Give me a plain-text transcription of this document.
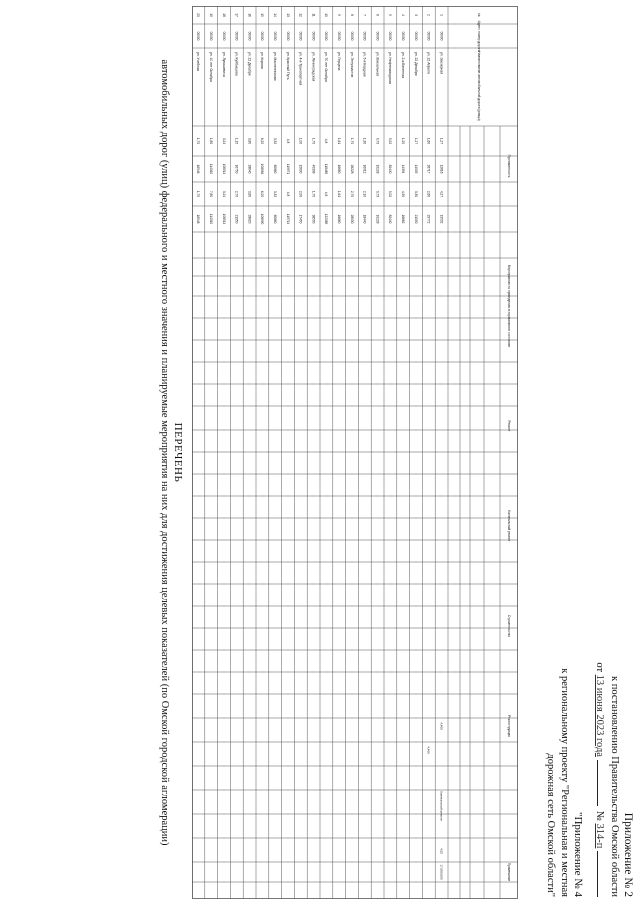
Приложение № 2
к постановлению Правительства Омской области
от 13 июня 2023 года   № 314-п
"Приложение № 4
к региональному проекту "Региональная и местная
дорожная сеть Омской области"
ПЕРЕЧЕНЬ
автомобильных дорог (улиц) федерального и местного значения и планируемые мероприятия на них для достижения целевых показателей (по Омской городской агломерации)
№
Идент. номер дороги
Наименование автомобильной дороги (улицы)
Протяженность
Мероприятия по приведению в нормативное состояние
Ремонт
Капитальный ремонт
Строительство
Реконструкция
Примечание
1
00000
ул. Заозерная
1,27
12616
4,27
19592
2
00000
ул. 22 Апреля
1,60
26717
2,60
29772
3
00000
ул. 22 Декабря
1,27
14005
3,30
21000
4
00000
ул. 2-я Взлетная
1,20
14394
4,30
16662
5
00000
ул. Нефтезаводская
5,02
82440
5,02
82440
6
00000
ул. Вокзальная
0,79
10228
0,79
10228
7
00000
ул. 5-я Кордная
1,30
16012
2,10
18440
8
00000
ул. Энтузиастов
1,70
26228
2,70
28030
9
00000
ул. Герцена
1,61
16660
1,61
16660
10
00000
ул. 70 лет Октября
4,8
118485
4,8
122385
11
00000
ул. Ленинградская
1,70
40308
1,70
38500
12
00000
ул. 4-я Транспортная
1,00
15690
2,00
17450
13
00000
ул. Красный Путь
4,8
119971
4,8
119714
14
00000
ул. Масленникова
3,32
60860
3,32
60860
15
00000
ул. Кирова
6,20
108984
6,20
108990
16
00000
ул. 22 Декабря
3,80
28640
3,80
28620
17
00000
ул. Куйбышева
1,15
16750
2,70
21950
18
00000
ул. Лукашевича
3,24
106514
3,24
106514
19
00000
ул. 10 лет Октября
1,80
114310
7,80
114310
20
00000
ул. Учебная
1,70
16546
1,70
16548
4,400
4,400
Капитальный ремонт
4,02
17,050,000
